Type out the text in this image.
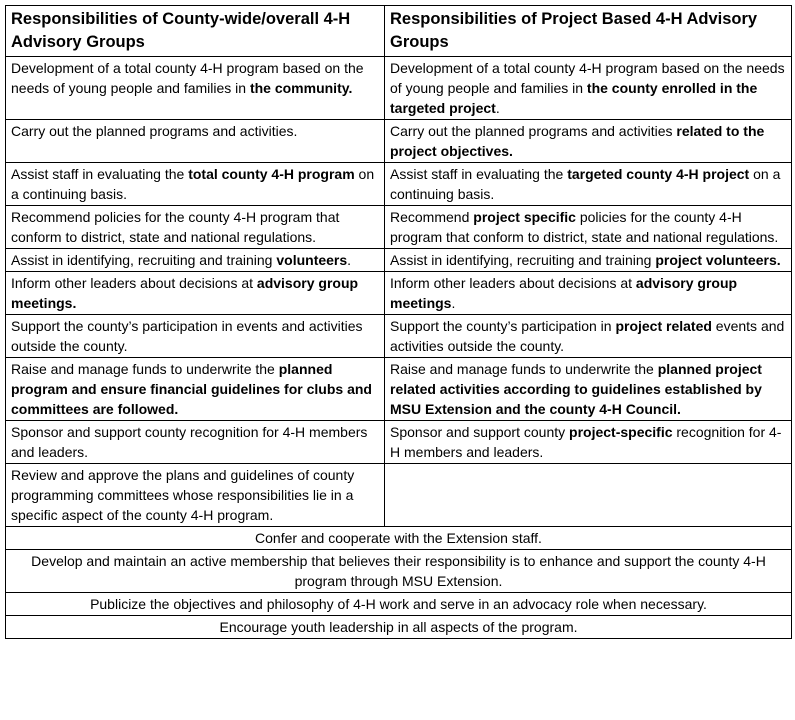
Responsibilities of County-wide/overall 4-H Advisory Groups	Responsibilities of Project Based 4-H Advisory Groups
Development of a total county 4-H program based on the needs of young people and families in the community.	Development of a total county 4-H program based on the needs of young people and families in the county enrolled in the targeted project.
Carry out the planned programs and activities.	Carry out the planned programs and activities related to the project objectives.
Assist staff in evaluating the total county 4-H program on a continuing basis.	Assist staff in evaluating the targeted county 4-H project on a continuing basis.
Recommend policies for the county 4-H program that conform to district, state and national regulations.	Recommend project specific policies for the county 4-H program that conform to district, state and national regulations.
Assist in identifying, recruiting and training volunteers.	Assist in identifying, recruiting and training project volunteers.
Inform other leaders about decisions at advisory group meetings.	Inform other leaders about decisions at advisory group meetings.
Support the county’s participation in events and activities outside the county.	Support the county’s participation in project related events and activities outside the county.
Raise and manage funds to underwrite the planned program and ensure financial guidelines for clubs and committees are followed.	Raise and manage funds to underwrite the planned project related activities according to guidelines established by MSU Extension and the county 4-H Council.
Sponsor and support county recognition for 4-H members and leaders.	Sponsor and support county project-specific recognition for 4-H members and leaders.
Review and approve the plans and guidelines of county programming committees whose responsibilities lie in a specific aspect of the county 4-H program.	
Confer and cooperate with the Extension staff.	
Develop and maintain an active membership that believes their responsibility is to enhance and support the county 4-H program through MSU Extension.	
Publicize the objectives and philosophy of 4-H work and serve in an advocacy role when necessary.	
Encourage youth leadership in all aspects of the program.	
